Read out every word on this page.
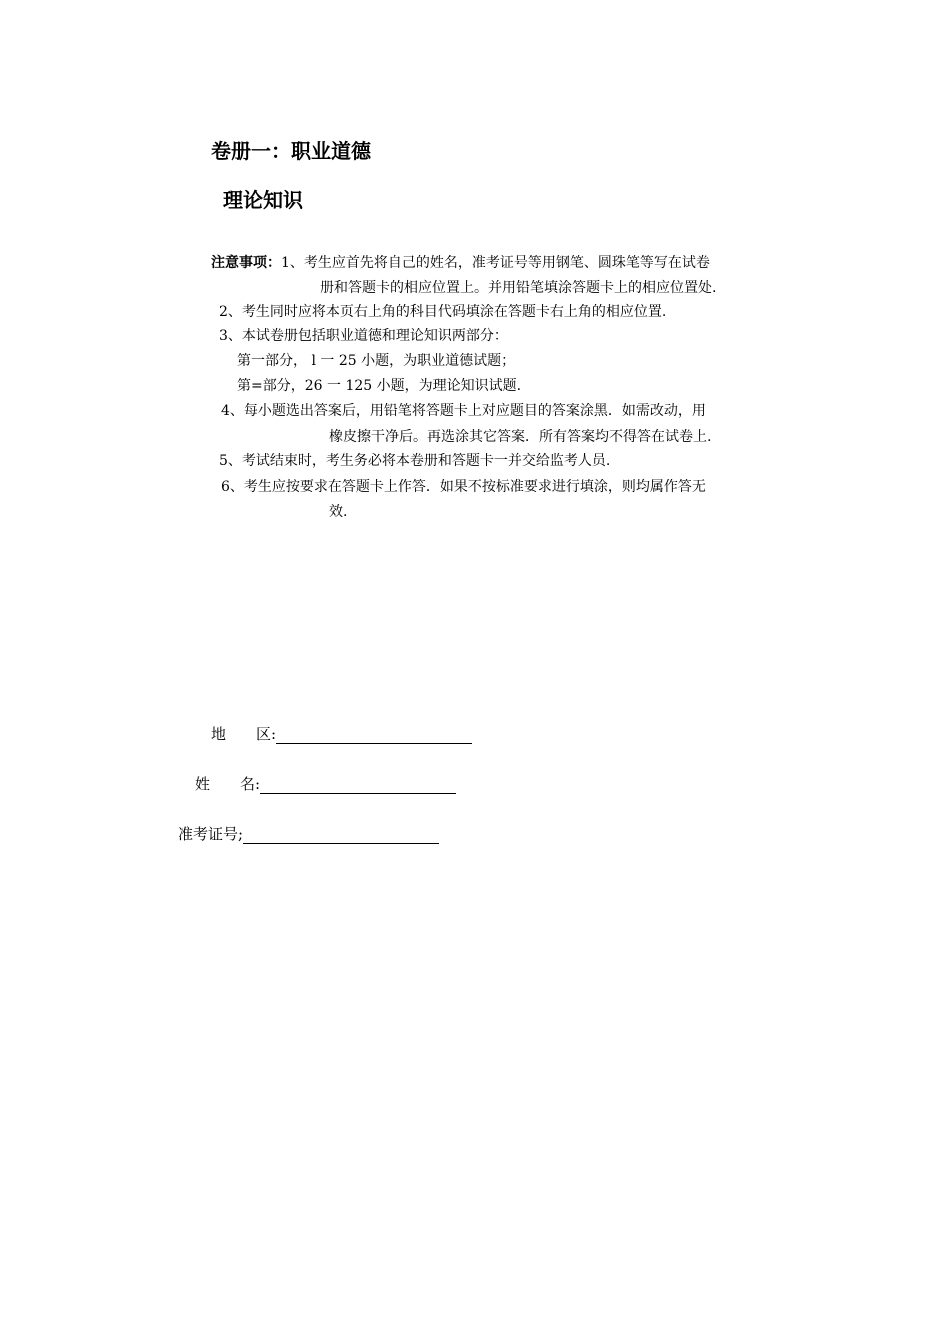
卷册一：职业道德
理论知识
注意事项：1、考生应首先将自己的姓名，准考证号等用钢笔、圆珠笔等写在试卷
册和答题卡的相应位置上。并用铅笔填涂答题卡上的相应位置处.
2、考生同时应将本页右上角的科目代码填涂在答题卡右上角的相应位置.
3、本试卷册包括职业道德和理论知识两部分：
第一部分， l 一 25 小题，为职业道德试题；
第=部分，26 一 125 小题，为理论知识试题.
4、每小题选出答案后，用铅笔将答题卡上对应题目的答案涂黑．如需改动，用
橡皮擦干净后。再选涂其它答案．所有答案均不得答在试卷上.
5、考试结束时，考生务必将本卷册和答题卡一并交给监考人员.
6、考生应按要求在答题卡上作答．如果不按标准要求进行填涂，则均属作答无
效.
地　　区:
姓　　名:
准考证号;
